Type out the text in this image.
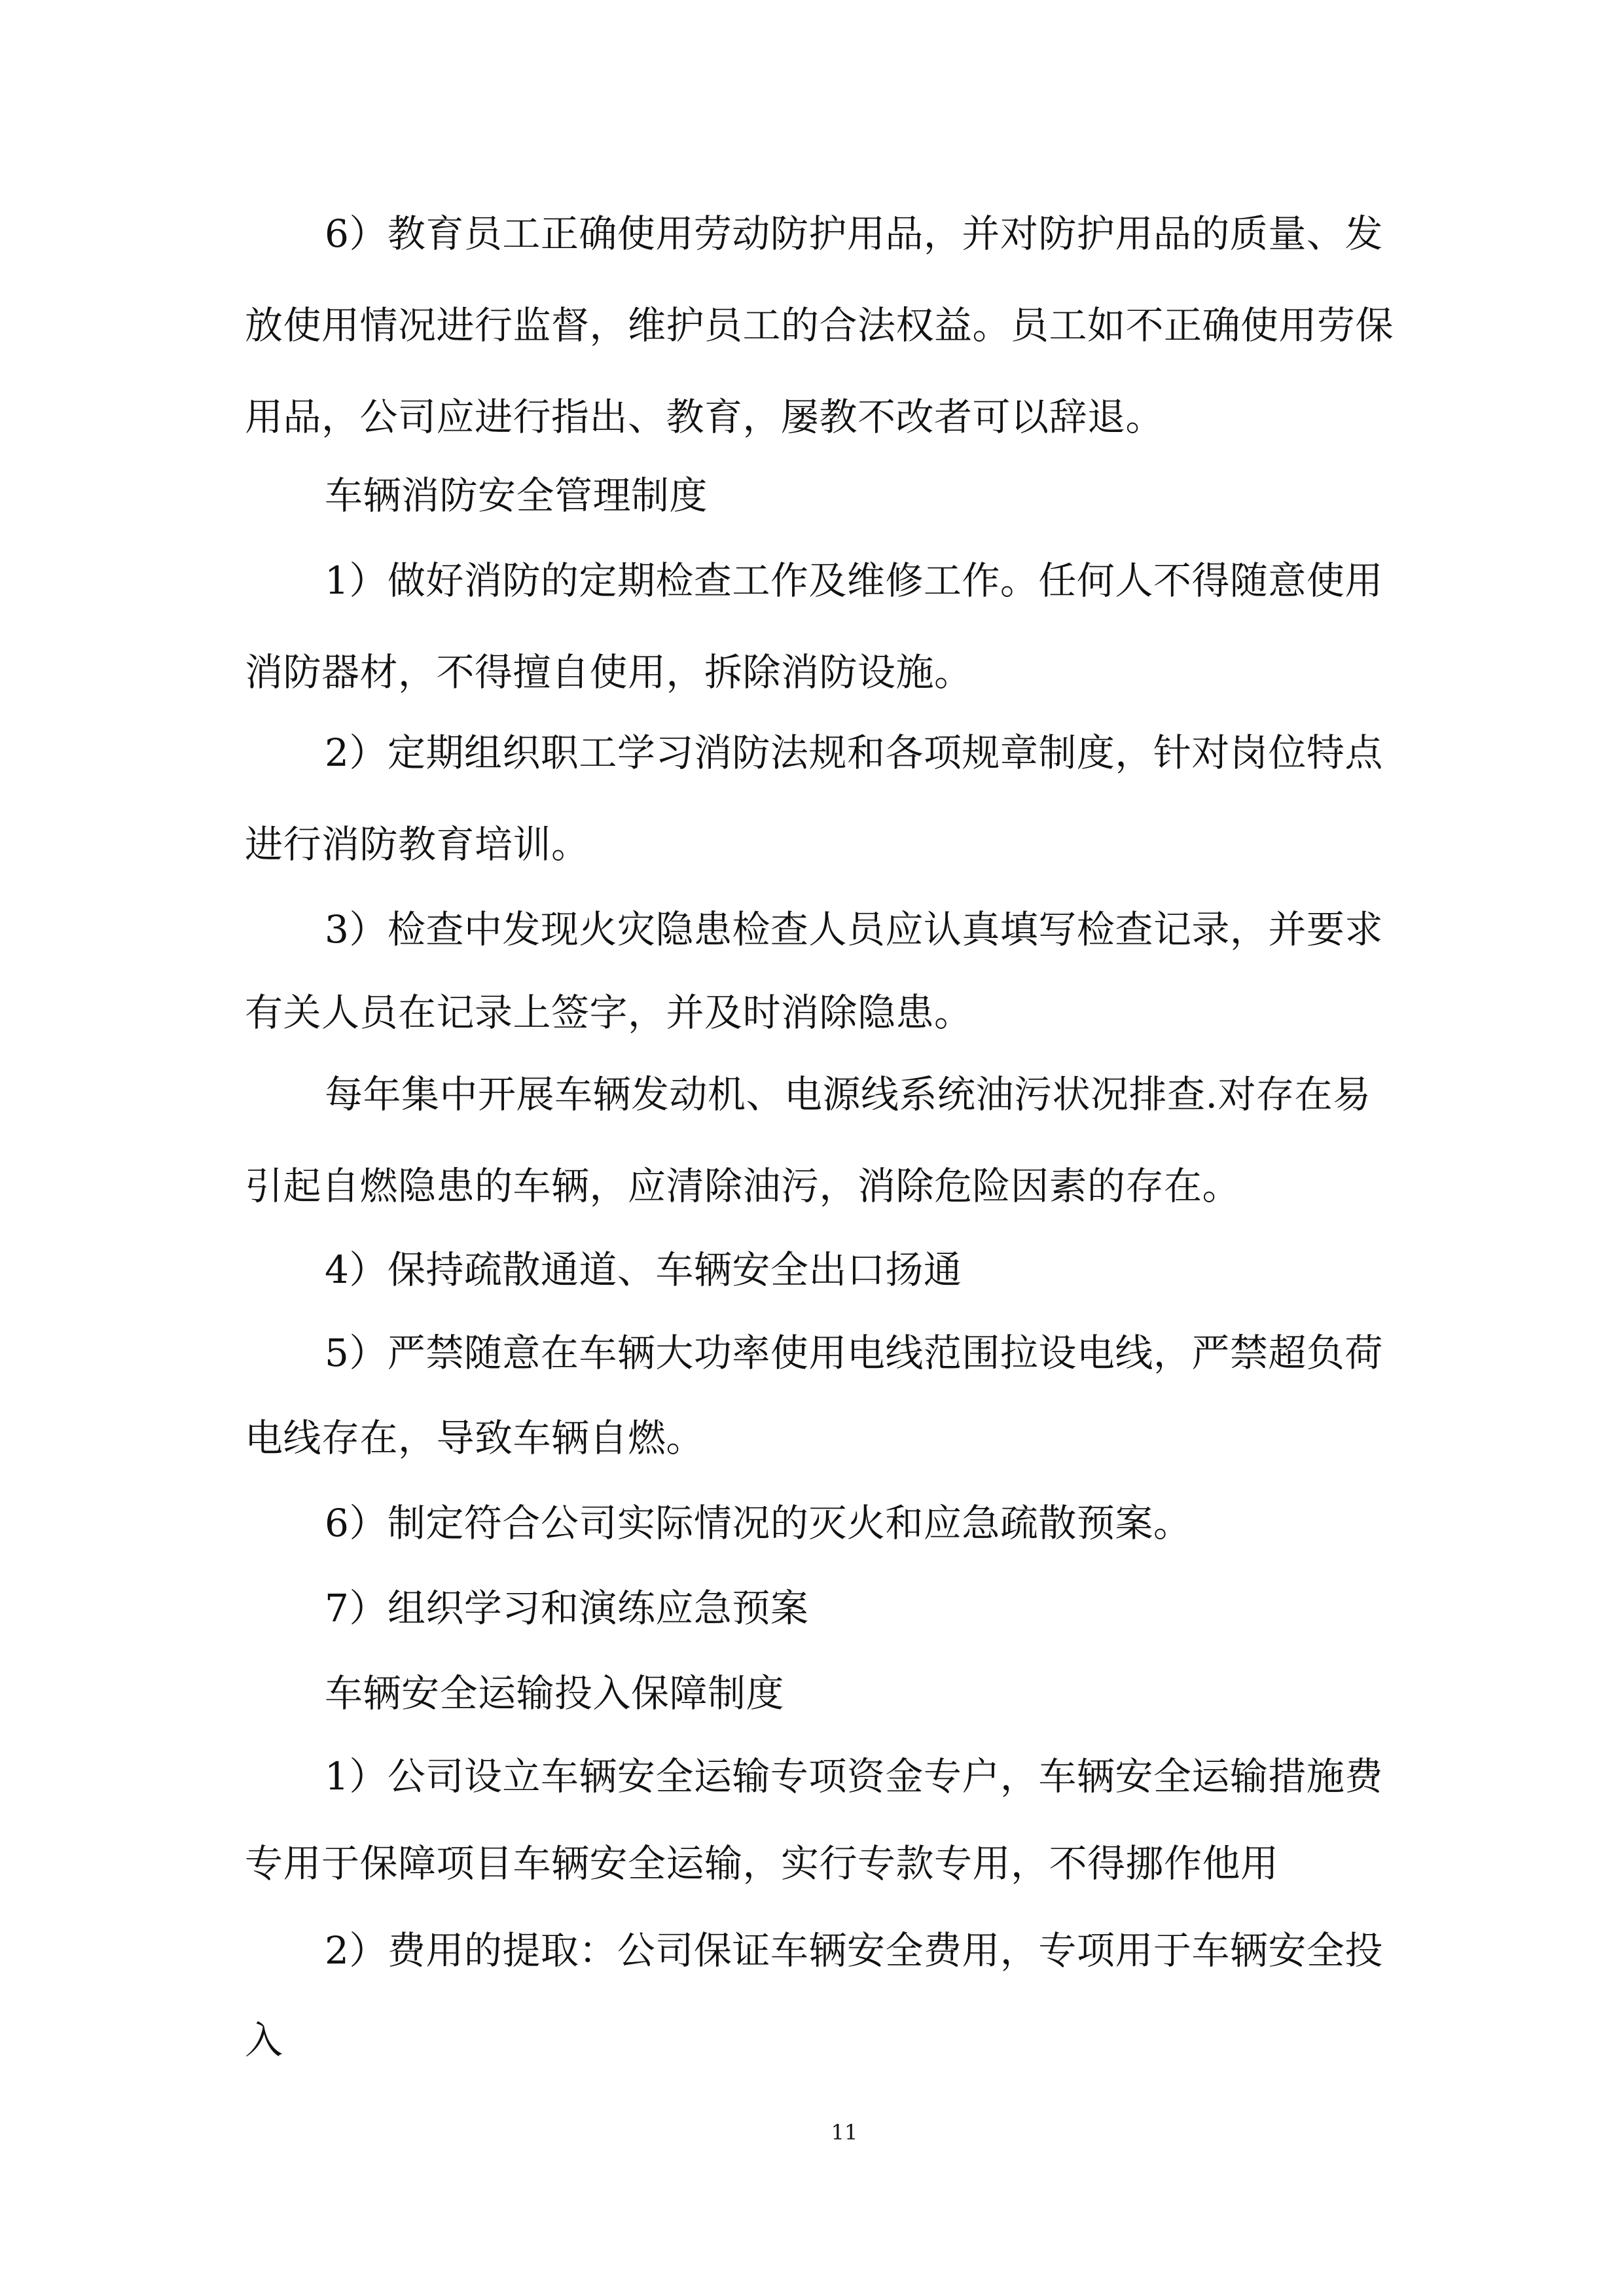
6）教育员工正确使用劳动防护用品，并对防护用品的质量、发
放使用情况进行监督，维护员工的合法权益。员工如不正确使用劳保
用品，公司应进行指出、教育，屡教不改者可以辞退。
车辆消防安全管理制度
1）做好消防的定期检查工作及维修工作。任何人不得随意使用
消防器材，不得擅自使用，拆除消防设施。
2）定期组织职工学习消防法规和各项规章制度，针对岗位特点
进行消防教育培训。
3）检查中发现火灾隐患检查人员应认真填写检查记录，并要求
有关人员在记录上签字，并及时消除隐患。
每年集中开展车辆发动机、电源线系统油污状况排查.对存在易
引起自燃隐患的车辆，应清除油污，消除危险因素的存在。
4）保持疏散通道、车辆安全出口扬通
5）严禁随意在车辆大功率使用电线范围拉设电线，严禁超负荷
电线存在，导致车辆自燃。
6）制定符合公司实际情况的灭火和应急疏散预案。
7）组织学习和演练应急预案
车辆安全运输投入保障制度
1）公司设立车辆安全运输专项资金专户，车辆安全运输措施费
专用于保障项目车辆安全运输，实行专款专用，不得挪作他用
2）费用的提取：公司保证车辆安全费用，专项用于车辆安全投
入
11
